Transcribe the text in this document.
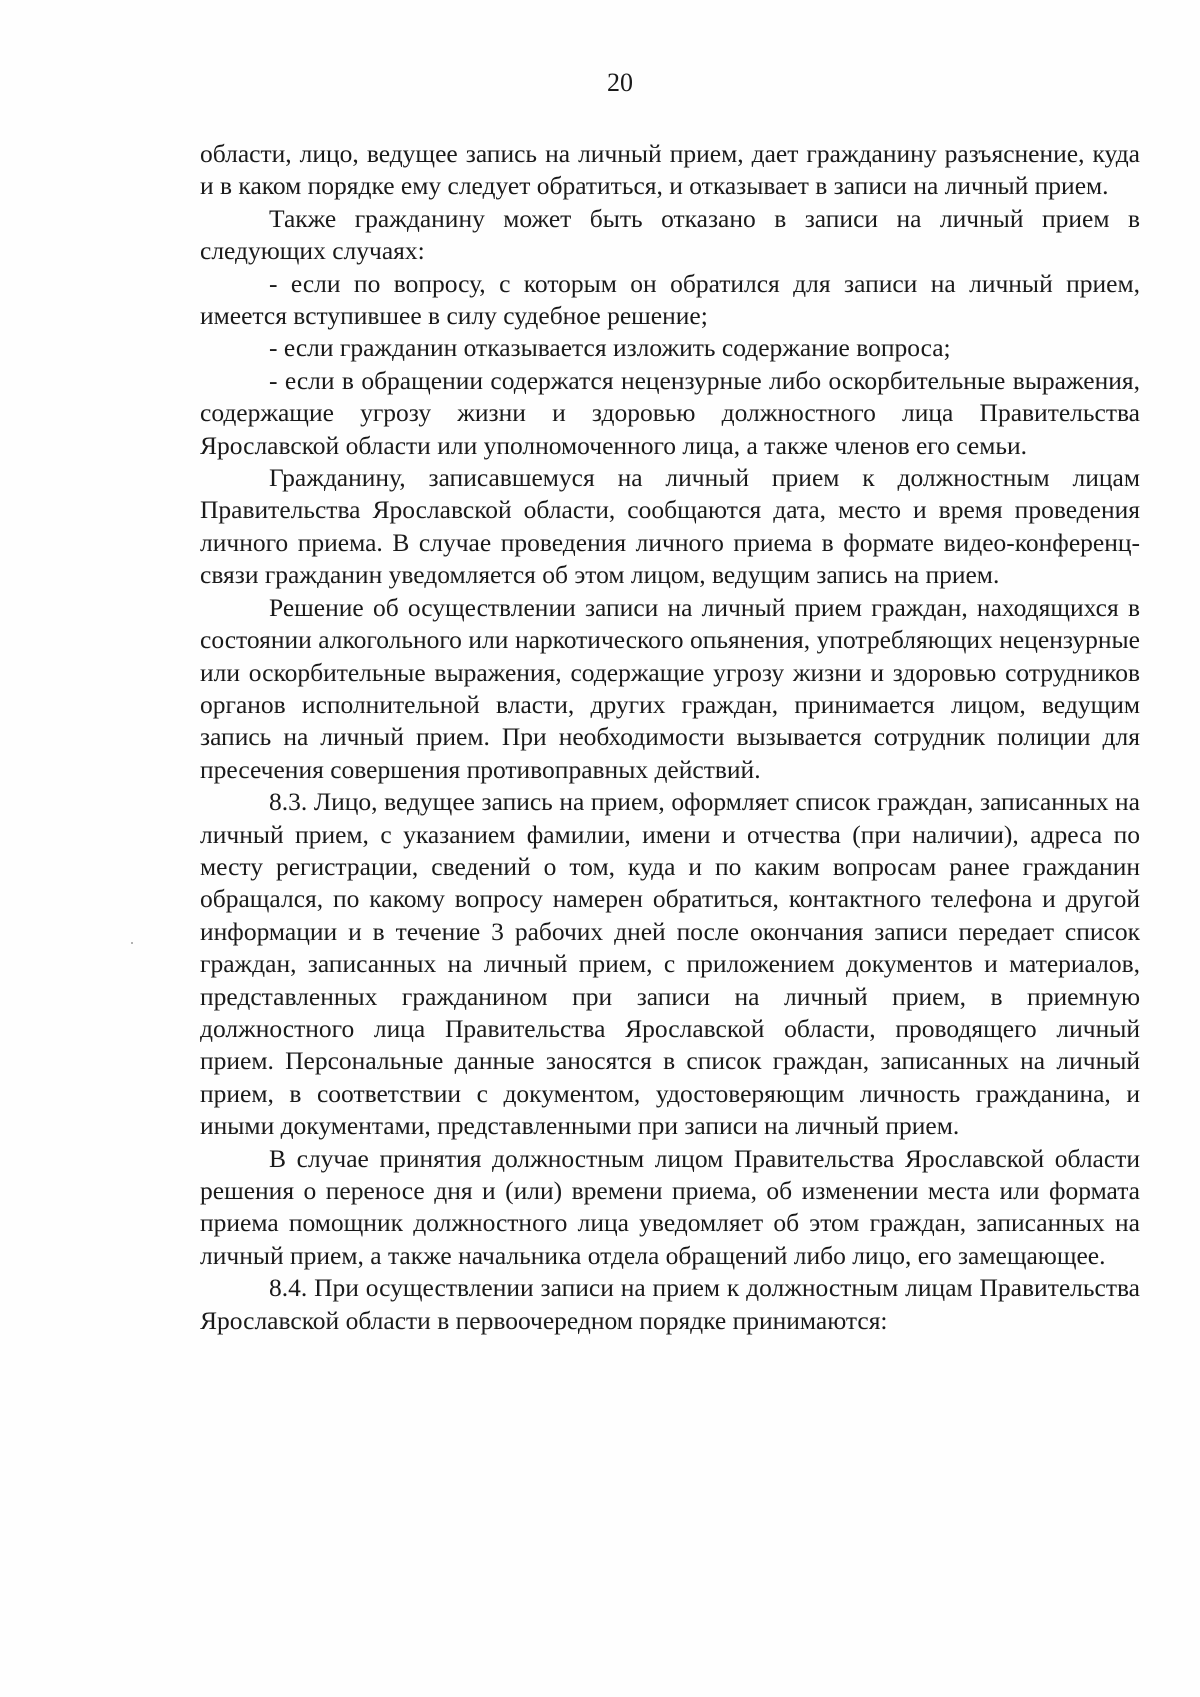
20

области, лицо, ведущее запись на личный прием, дает гражданину разъяснение, куда и в каком порядке ему следует обратиться, и отказывает в записи на личный прием.

Также гражданину может быть отказано в записи на личный прием в следующих случаях:

- если по вопросу, с которым он обратился для записи на личный прием, имеется вступившее в силу судебное решение;

- если гражданин отказывается изложить содержание вопроса;

- если в обращении содержатся нецензурные либо оскорбительные выражения, содержащие угрозу жизни и здоровью должностного лица Правительства Ярославской области или уполномоченного лица, а также членов его семьи.

Гражданину, записавшемуся на личный прием к должностным лицам Правительства Ярославской области, сообщаются дата, место и время проведения личного приема. В случае проведения личного приема в формате видео-конференц-связи гражданин уведомляется об этом лицом, ведущим запись на прием.

Решение об осуществлении записи на личный прием граждан, находящихся в состоянии алкогольного или наркотического опьянения, употребляющих нецензурные или оскорбительные выражения, содержащие угрозу жизни и здоровью сотрудников органов исполнительной власти, других граждан, принимается лицом, ведущим запись на личный прием. При необходимости вызывается сотрудник полиции для пресечения совершения противоправных действий.

8.3. Лицо, ведущее запись на прием, оформляет список граждан, записанных на личный прием, с указанием фамилии, имени и отчества (при наличии), адреса по месту регистрации, сведений о том, куда и по каким вопросам ранее гражданин обращался, по какому вопросу намерен обратиться, контактного телефона и другой информации и в течение 3 рабочих дней после окончания записи передает список граждан, записанных на личный прием, с приложением документов и материалов, представленных гражданином при записи на личный прием, в приемную должностного лица Правительства Ярославской области, проводящего личный прием. Персональные данные заносятся в список граждан, записанных на личный прием, в соответствии с документом, удостоверяющим личность гражданина, и иными документами, представленными при записи на личный прием.

В случае принятия должностным лицом Правительства Ярославской области решения о переносе дня и (или) времени приема, об изменении места или формата приема помощник должностного лица уведомляет об этом граждан, записанных на личный прием, а также начальника отдела обращений либо лицо, его замещающее.

8.4. При осуществлении записи на прием к должностным лицам Правительства Ярославской области в первоочередном порядке принимаются:
